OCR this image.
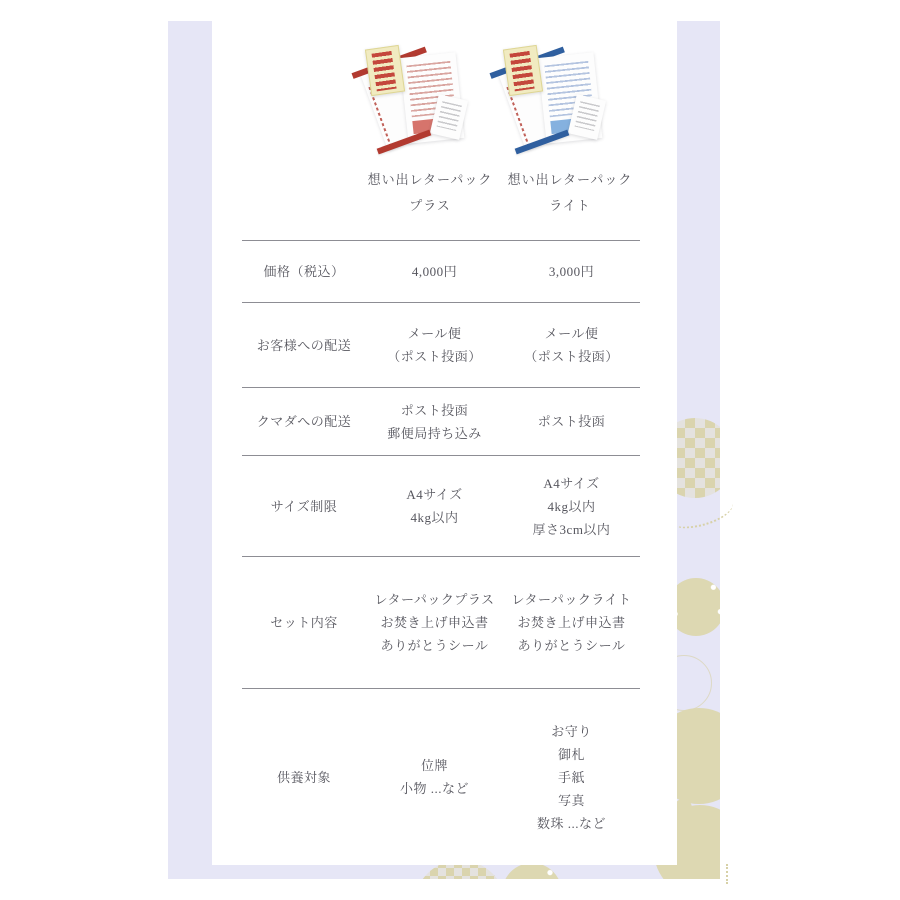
想い出レターパック
プラス
想い出レターパック
ライト
価格（税込）	4,000円	3,000円
お客様への配送
メール便
（ポスト投函）
メール便
（ポスト投函）
クマダへの配送
ポスト投函
郵便局持ち込み
ポスト投函
サイズ制限
A4サイズ
4kg以内
A4サイズ
4kg以内
厚さ3cm以内
セット内容
レターパックプラス
お焚き上げ申込書
ありがとうシール
レターパックライト
お焚き上げ申込書
ありがとうシール
供養対象
位牌
小物 ...など
お守り
御札
手紙
写真
数珠 ...など
